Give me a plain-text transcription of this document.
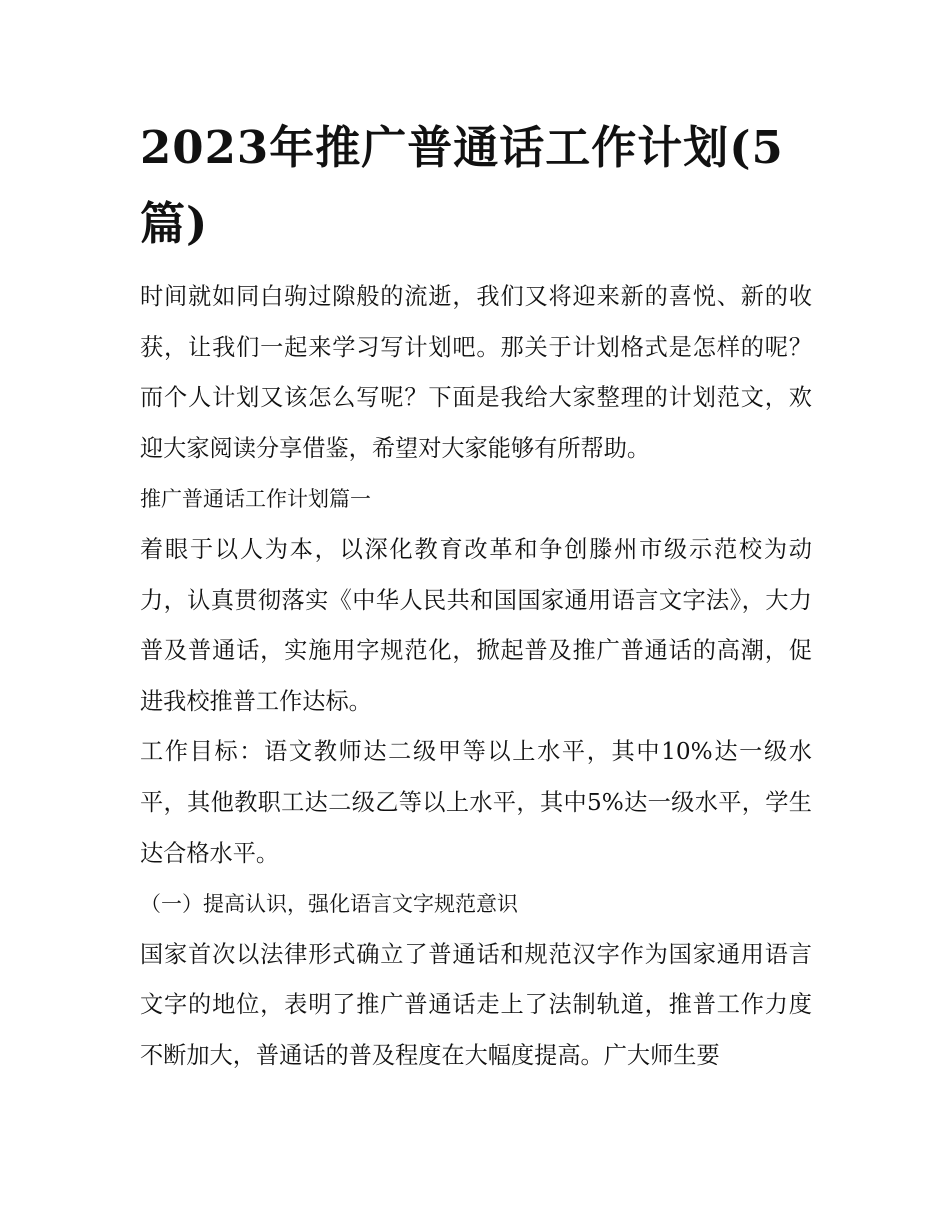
2023年推广普通话工作计划(5篇)

时间就如同白驹过隙般的流逝，我们又将迎来新的喜悦、新的收获，让我们一起来学习写计划吧。那关于计划格式是怎样的呢？而个人计划又该怎么写呢？下面是我给大家整理的计划范文，欢迎大家阅读分享借鉴，希望对大家能够有所帮助。

推广普通话工作计划篇一

着眼于以人为本，以深化教育改革和争创滕州市级示范校为动力，认真贯彻落实《中华人民共和国国家通用语言文字法》，大力普及普通话，实施用字规范化，掀起普及推广普通话的高潮，促进我校推普工作达标。

工作目标：语文教师达二级甲等以上水平，其中10%达一级水平，其他教职工达二级乙等以上水平，其中5%达一级水平，学生达合格水平。

（一）提高认识，强化语言文字规范意识

国家首次以法律形式确立了普通话和规范汉字作为国家通用语言文字的地位，表明了推广普通话走上了法制轨道，推普工作力度不断加大，普通话的普及程度在大幅度提高。广大师生要
